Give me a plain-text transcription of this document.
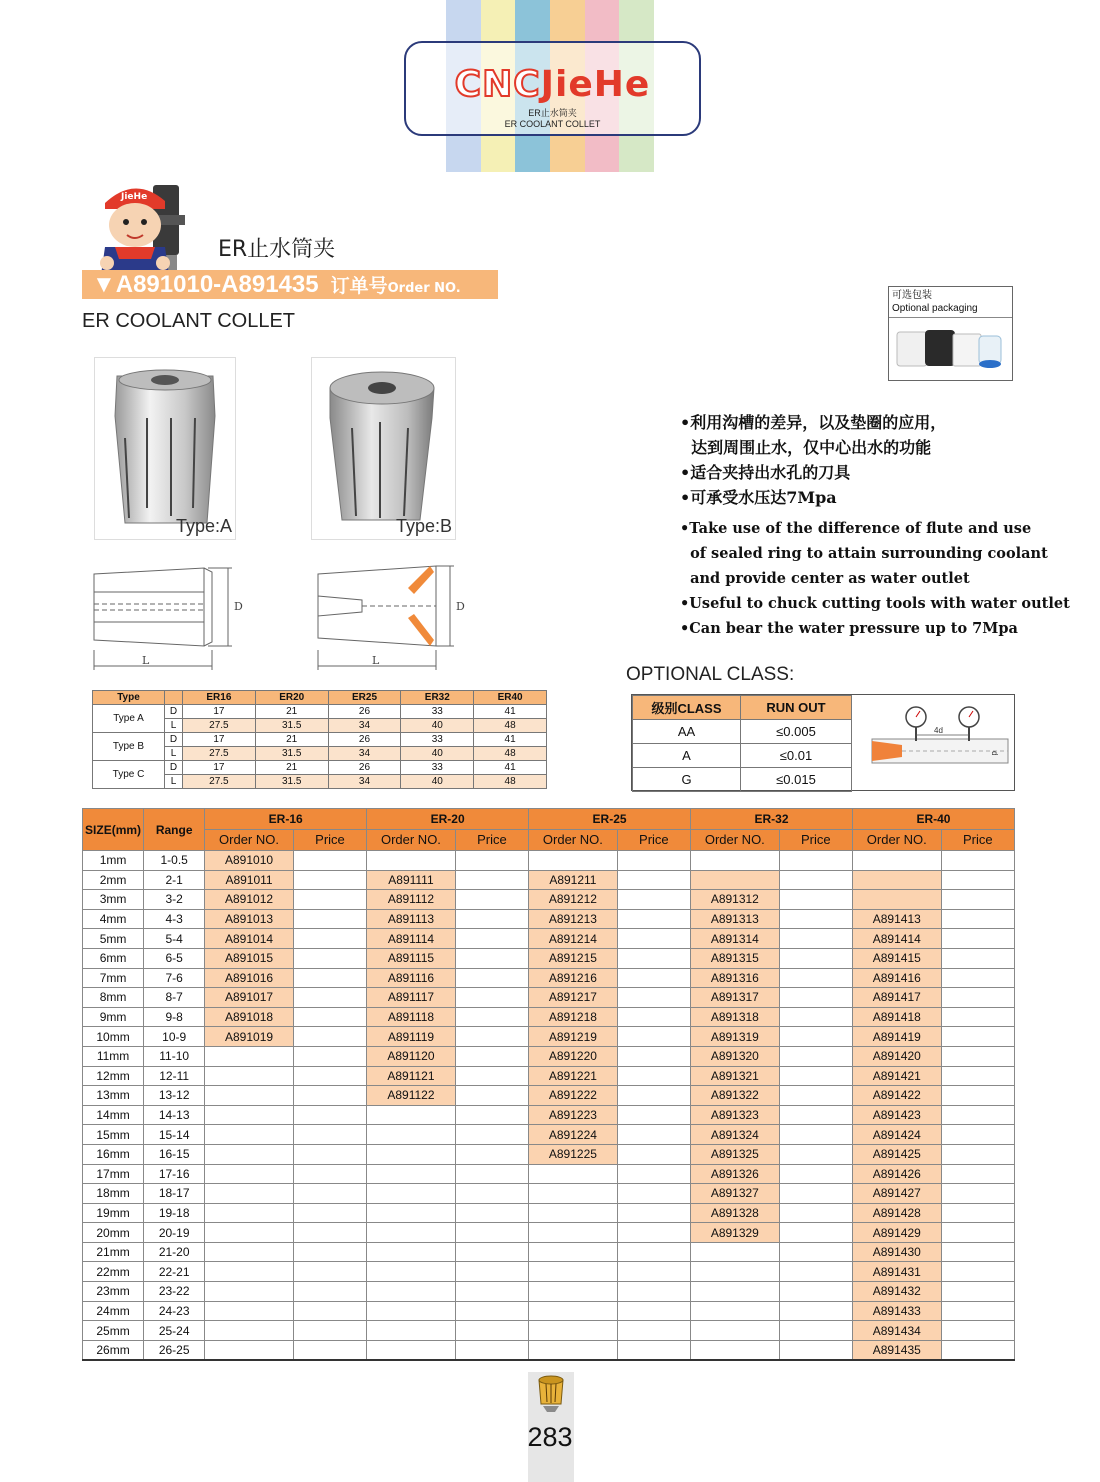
CNCJieHe
ER止水筒夹
ER COOLANT COLLET
JieHe
ER止水筒夹
▼A891010-A891435 订单号Order NO.
ER COOLANT COLLET
可选包装
Optional packaging
Type:A	Type:B
D
L
D
L

•利用沟槽的差异，以及垫圈的应用，

达到周围止水，仅中心出水的功能

•适合夹持出水孔的刀具

•可承受水压达7Mpa

•Take use of the difference of flute and use

of sealed ring to attain surrounding coolant

and provide center as water outlet

•Useful to chuck cutting tools with water outlet

•Can bear the water pressure up to 7Mpa

OPTIONAL CLASS:
级别CLASS	RUN OUT
AA	≤0.005
A	≤0.01
G	≤0.015
4d
d
Type		ER16	ER20	ER25	ER32	ER40
Type A	D	17	21	26	33	41
	L	27.5	31.5	34	40	48
Type B	D	17	21	26	33	41
	L	27.5	31.5	34	40	48
Type C	D	17	21	26	33	41
	L	27.5	31.5	34	40	48
SIZE(mm)	Range	ER-16		ER-20		ER-25		ER-32		ER-40	
		Order NO.	Price	Order NO.	Price	Order NO.	Price	Order NO.	Price	Order NO.	Price
1mm	1-0.5	A891010									
2mm	2-1	A891011		A891111		A891211					
3mm	3-2	A891012		A891112		A891212		A891312			
4mm	4-3	A891013		A891113		A891213		A891313		A891413	
5mm	5-4	A891014		A891114		A891214		A891314		A891414	
6mm	6-5	A891015		A891115		A891215		A891315		A891415	
7mm	7-6	A891016		A891116		A891216		A891316		A891416	
8mm	8-7	A891017		A891117		A891217		A891317		A891417	
9mm	9-8	A891018		A891118		A891218		A891318		A891418	
10mm	10-9	A891019		A891119		A891219		A891319		A891419	
11mm	11-10			A891120		A891220		A891320		A891420	
12mm	12-11			A891121		A891221		A891321		A891421	
13mm	13-12			A891122		A891222		A891322		A891422	
14mm	14-13					A891223		A891323		A891423	
15mm	15-14					A891224		A891324		A891424	
16mm	16-15					A891225		A891325		A891425	
17mm	17-16							A891326		A891426	
18mm	18-17							A891327		A891427	
19mm	19-18							A891328		A891428	
20mm	20-19							A891329		A891429	
21mm	21-20									A891430	
22mm	22-21									A891431	
23mm	23-22									A891432	
24mm	24-23									A891433	
25mm	25-24									A891434	
26mm	26-25									A891435	
283
